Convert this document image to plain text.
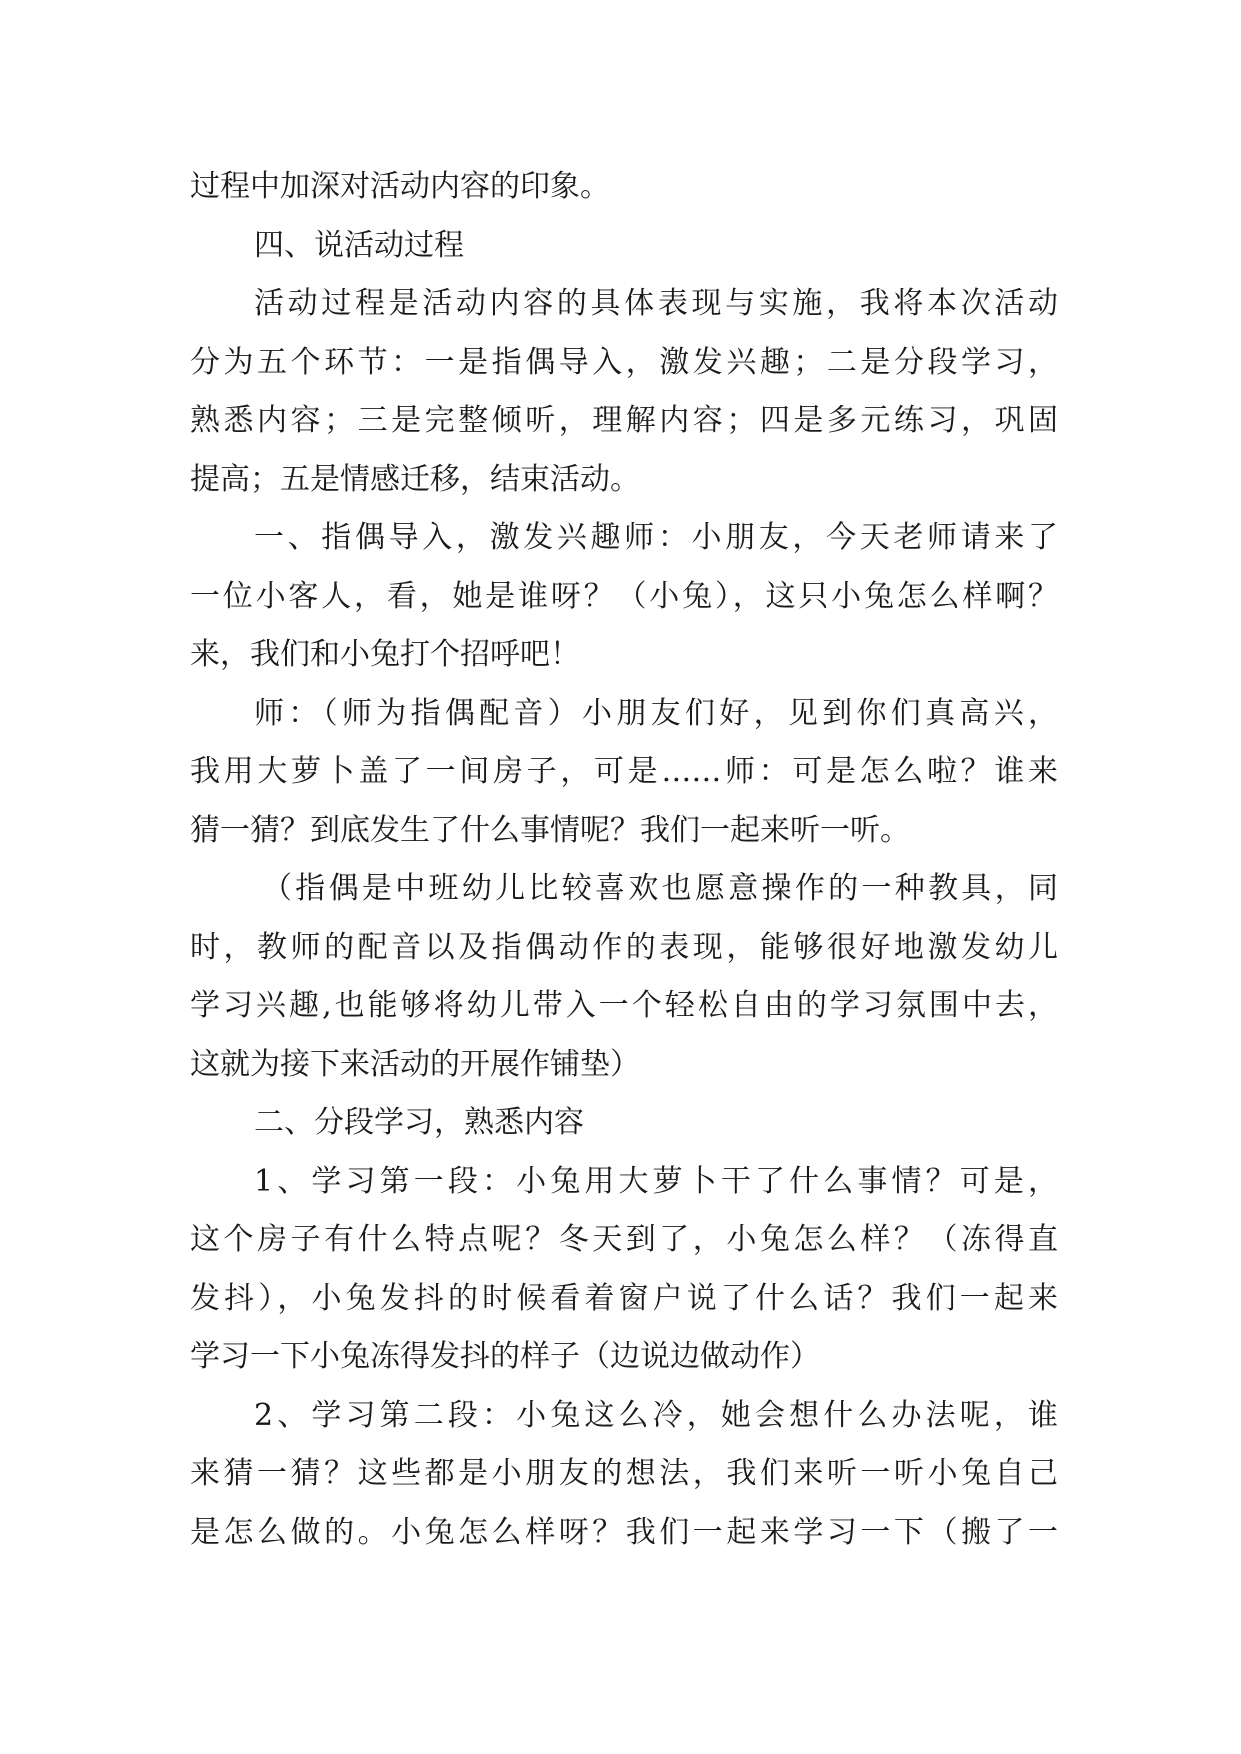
过程中加深对活动内容的印象。
四、说活动过程
活动过程是活动内容的具体表现与实施，我将本次活动
分为五个环节：一是指偶导入，激发兴趣；二是分段学习，
熟悉内容；三是完整倾听，理解内容；四是多元练习，巩固
提高；五是情感迁移，结束活动。
一、指偶导入，激发兴趣师：小朋友，今天老师请来了
一位小客人，看，她是谁呀？（小兔），这只小兔怎么样啊？
来，我们和小兔打个招呼吧！
师：（师为指偶配音）小朋友们好，见到你们真高兴，
我用大萝卜盖了一间房子，可是……师：可是怎么啦？谁来
猜一猜？到底发生了什么事情呢？我们一起来听一听。
（指偶是中班幼儿比较喜欢也愿意操作的一种教具，同
时，教师的配音以及指偶动作的表现，能够很好地激发幼儿
学习兴趣,也能够将幼儿带入一个轻松自由的学习氛围中去，
这就为接下来活动的开展作铺垫）
二、分段学习，熟悉内容
1、学习第一段：小兔用大萝卜干了什么事情？可是，
这个房子有什么特点呢？冬天到了，小兔怎么样？（冻得直
发抖），小兔发抖的时候看着窗户说了什么话？我们一起来
学习一下小兔冻得发抖的样子（边说边做动作）
2、学习第二段：小兔这么冷，她会想什么办法呢，谁
来猜一猜？这些都是小朋友的想法，我们来听一听小兔自己
是怎么做的。小兔怎么样呀？我们一起来学习一下（搬了一
